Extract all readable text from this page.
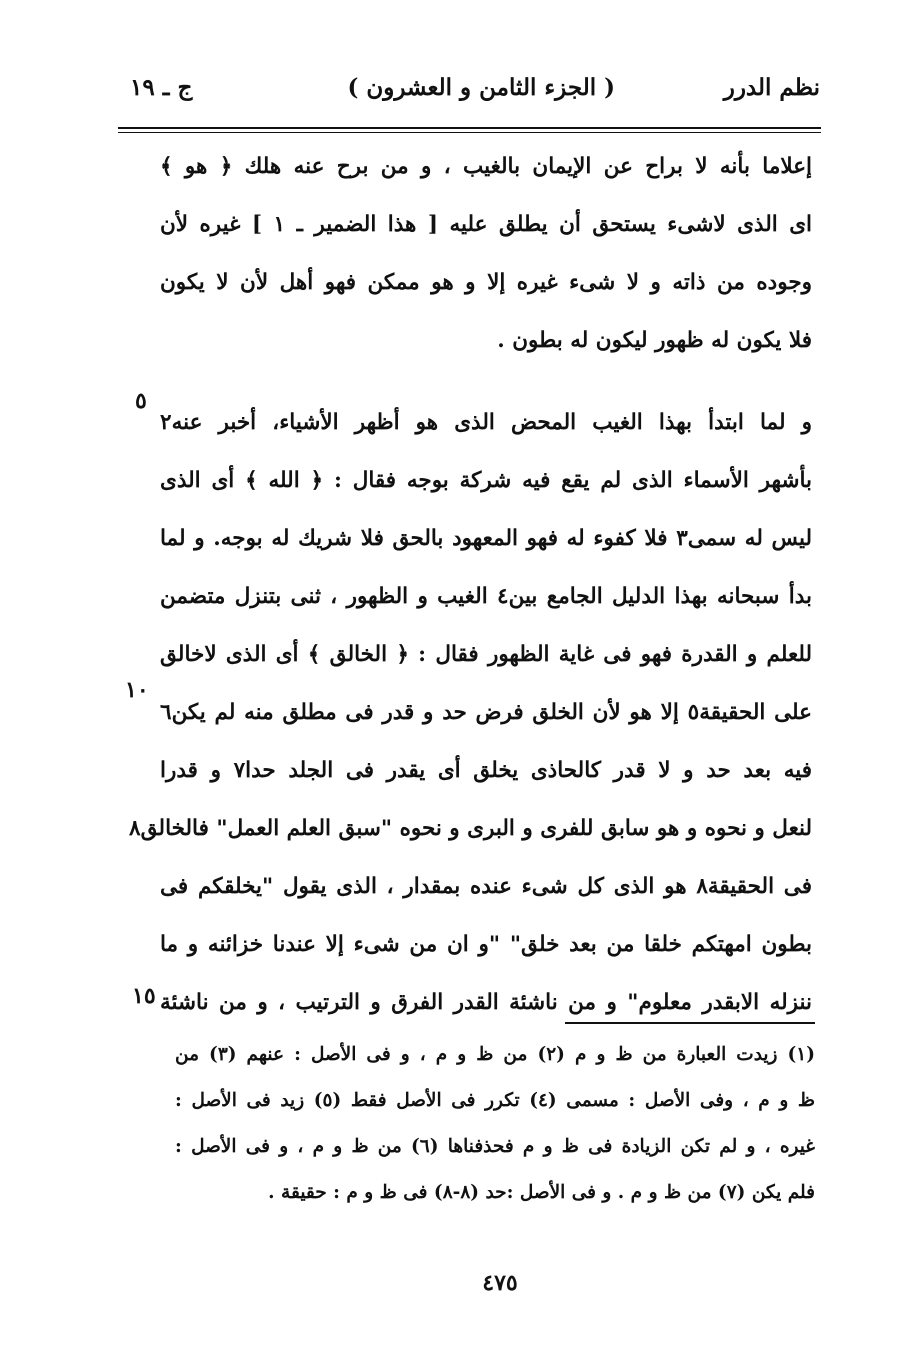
نظم الدرر
( الجزء الثامن و العشرون )
ج ـ ١٩
إعلاما بأنه لا براح عن الإيمان بالغيب ، و من برح عنه هلك ﴿ هو ﴾
اى الذى لاشىء يستحق أن يطلق عليه [ هذا الضمير ـ ١ ] غيره لأن
وجوده من ذاته و لا شىء غيره إلا و هو ممكن فهو أهل لأن لا يكون
فلا يكون له ظهور ليكون له بطون .
و لما ابتدأ بهذا الغيب المحض الذى هو أظهر الأشياء، أخبر عنه٢
بأشهر الأسماء الذى لم يقع فيه شركة بوجه فقال : ﴿ الله ﴾ أى الذى
ليس له سمى٣ فلا كفوء له فهو المعهود بالحق فلا شريك له بوجه. و لما
بدأ سبحانه بهذا الدليل الجامع بين٤ الغيب و الظهور ، ثنى بتنزل متضمن
للعلم و القدرة فهو فى غاية الظهور فقال : ﴿ الخالق ﴾ أى الذى لاخالق
على الحقيقة٥ إلا هو لأن الخلق فرض حد و قدر فى مطلق منه لم يكن٦
فيه بعد حد و لا قدر كالحاذى يخلق أى يقدر فى الجلد حدا٧ و قدرا
لنعل و نحوه و هو سابق للفرى و البرى و نحوه "سبق العلم العمل" فالخالق٨
فى الحقيقة٨ هو الذى كل شىء عنده بمقدار ، الذى يقول "يخلقكم فى
بطون امهتكم خلقا من بعد خلق" "و ان من شىء إلا عندنا خزائنه و ما
ننزله الابقدر معلوم" و من ناشئة القدر الفرق و الترتيب ، و من ناشئة
٥
١٠
١٥
(١) زيدت العبارة من ظ و م (٢) من ظ و م ، و فى الأصل : عنهم (٣) من
ظ و م ، وفى الأصل : مسمى (٤) تكرر فى الأصل فقط (٥) زيد فى الأصل :
غيره ، و لم تكن الزيادة فى ظ و م فحذفناها (٦) من ظ و م ، و فى الأصل :
فلم يكن (٧) من ظ و م . و فى الأصل :حد (٨-٨) فى ظ و م : حقيقة .
٤٧٥
